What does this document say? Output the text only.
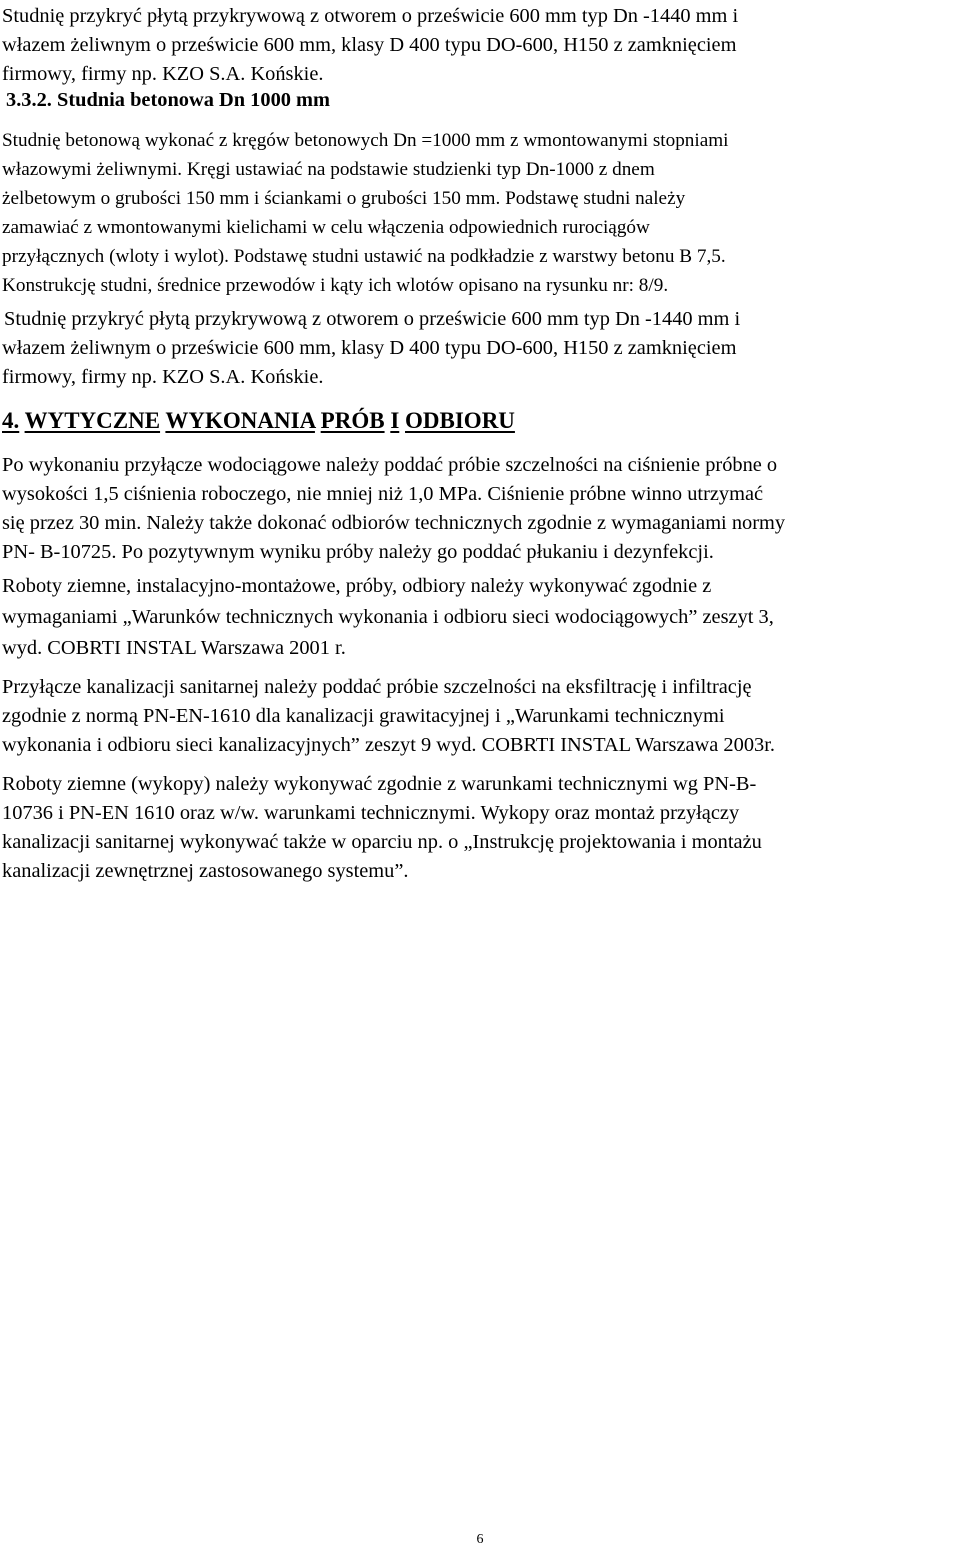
Studnię przykryć płytą przykrywową z otworem o prześwicie 600 mm typ Dn -1440 mm i
włazem żeliwnym o prześwicie 600 mm, klasy D 400 typu DO-600, H150 z zamknięciem
firmowy, firmy np. KZO S.A. Końskie.
3.3.2. Studnia betonowa Dn 1000 mm
Studnię betonową wykonać z kręgów betonowych Dn =1000 mm z wmontowanymi stopniami
włazowymi żeliwnymi. Kręgi ustawiać na podstawie studzienki typ Dn-1000 z dnem
żelbetowym o grubości 150 mm i ściankami o grubości 150 mm. Podstawę studni należy
zamawiać z wmontowanymi kielichami w celu włączenia odpowiednich rurociągów
przyłącznych (wloty i wylot). Podstawę studni ustawić na podkładzie z warstwy betonu B 7,5.
Konstrukcję studni, średnice przewodów i kąty ich wlotów opisano na rysunku nr: 8/9.
Studnię przykryć płytą przykrywową z otworem o prześwicie 600 mm typ Dn -1440 mm i
włazem żeliwnym o prześwicie 600 mm, klasy D 400 typu DO-600, H150 z zamknięciem
firmowy, firmy np. KZO S.A. Końskie.
4. WYTYCZNE WYKONANIA PRÓB I ODBIORU
Po wykonaniu przyłącze wodociągowe należy poddać próbie szczelności na ciśnienie próbne o
wysokości 1,5 ciśnienia roboczego, nie mniej niż 1,0 MPa. Ciśnienie próbne winno utrzymać
się przez 30 min. Należy także dokonać odbiorów technicznych zgodnie z wymaganiami normy
PN- B-10725. Po pozytywnym wyniku próby należy go poddać płukaniu i dezynfekcji.
Roboty ziemne, instalacyjno-montażowe, próby, odbiory należy wykonywać zgodnie z
wymaganiami „Warunków technicznych wykonania i odbioru sieci wodociągowych” zeszyt 3,
wyd. COBRTI INSTAL Warszawa 2001 r.
Przyłącze kanalizacji sanitarnej należy poddać próbie szczelności na eksfiltrację i infiltrację
zgodnie z normą PN-EN-1610 dla kanalizacji grawitacyjnej i „Warunkami technicznymi
wykonania i odbioru sieci kanalizacyjnych” zeszyt 9 wyd. COBRTI INSTAL Warszawa 2003r.
Roboty ziemne (wykopy) należy wykonywać zgodnie z warunkami technicznymi wg PN-B-
10736 i PN-EN 1610 oraz w/w. warunkami technicznymi. Wykopy oraz montaż przyłączy
kanalizacji sanitarnej wykonywać także w oparciu np. o „Instrukcję projektowania i montażu
kanalizacji zewnętrznej zastosowanego systemu”.
6
